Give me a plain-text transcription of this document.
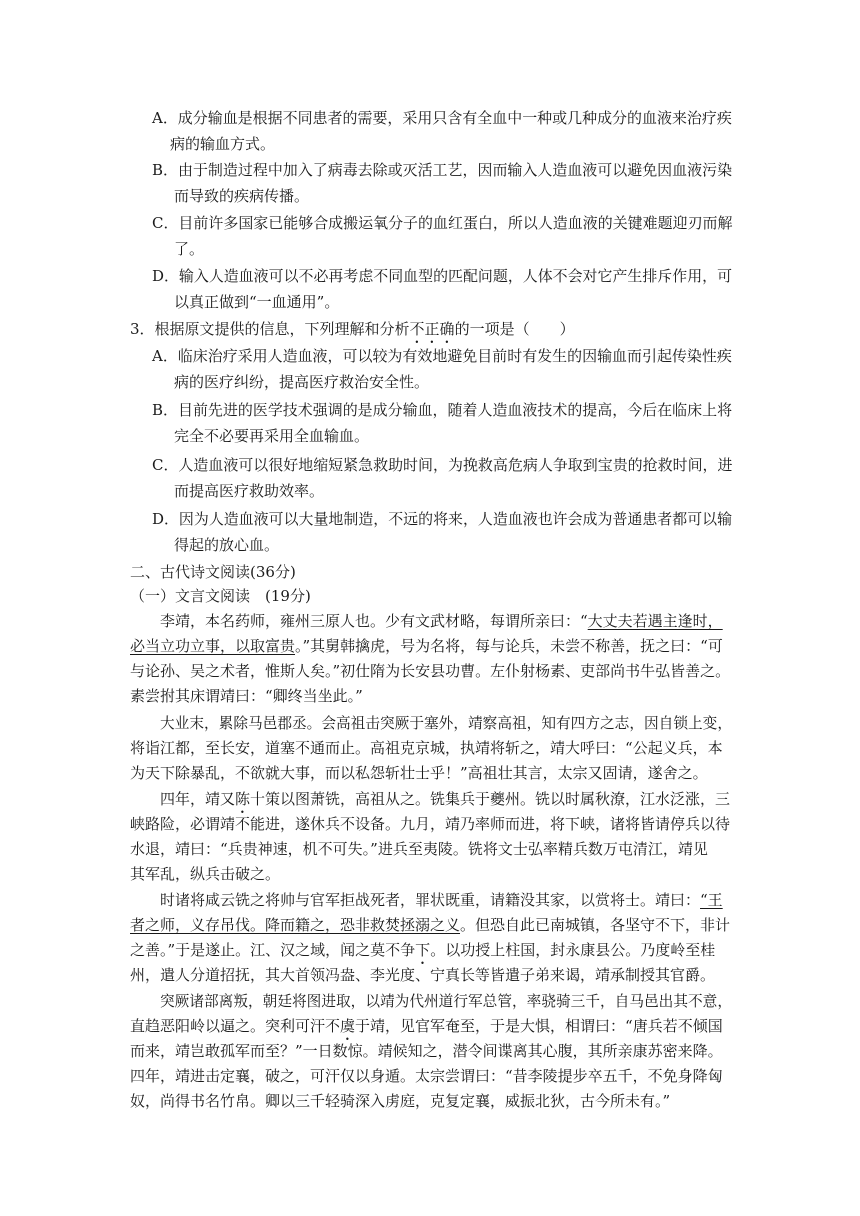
A．成分输血是根据不同患者的需要，采用只含有全血中一种或几种成分的血液来治疗疾
病的输血方式。
B．由于制造过程中加入了病毒去除或灭活工艺，因而输入人造血液可以避免因血液污染
而导致的疾病传播。
C．目前许多国家已能够合成搬运氧分子的血红蛋白，所以人造血液的关键难题迎刃而解
了。
D．输入人造血液可以不必再考虑不同血型的匹配问题，人体不会对它产生排斥作用，可
以真正做到“一血通用”。
3．根据原文提供的信息，下列理解和分析不正确的一项是（　　）
A．临床治疗采用人造血液，可以较为有效地避免目前时有发生的因输血而引起传染性疾
病的医疗纠纷，提高医疗救治安全性。
B．目前先进的医学技术强调的是成分输血，随着人造血液技术的提高，今后在临床上将
完全不必要再采用全血输血。
C．人造血液可以很好地缩短紧急救助时间，为挽救高危病人争取到宝贵的抢救时间，进
而提高医疗救助效率。
D．因为人造血液可以大量地制造，不远的将来，人造血液也许会成为普通患者都可以输
得起的放心血。
二、古代诗文阅读(36分)
（一）文言文阅读　(19分)
李靖，本名药师，雍州三原人也。少有文武材略，每谓所亲曰：“大丈夫若遇主逢时，
必当立功立事，以取富贵。”其舅韩擒虎，号为名将，每与论兵，未尝不称善，抚之曰：“可
与论孙、吴之术者，惟斯人矣。”初仕隋为长安县功曹。左仆射杨素、吏部尚书牛弘皆善之。
素尝拊其床谓靖曰：“卿终当坐此。”
大业末，累除马邑郡丞。会高祖击突厥于塞外，靖察高祖，知有四方之志，因自锁上变，
将诣江都，至长安，道塞不通而止。高祖克京城，执靖将斩之，靖大呼曰：“公起义兵，本
为天下除暴乱，不欲就大事，而以私怨斩壮士乎！”高祖壮其言，太宗又固请，遂舍之。
四年，靖又陈十策以图萧铣，高祖从之。铣集兵于夔州。铣以时属秋潦，江水泛涨，三
峡路险，必谓靖不能进，遂休兵不设备。九月，靖乃率师而进，将下峡，诸将皆请停兵以待
水退，靖曰：“兵贵神速，机不可失。”进兵至夷陵。铣将文士弘率精兵数万屯清江，靖见
其军乱，纵兵击破之。
时诸将咸云铣之将帅与官军拒战死者，罪状既重，请籍没其家，以赏将士。靖曰：“王
者之师，义存吊伐。降而籍之，恐非救焚拯溺之义。但恐自此已南城镇，各坚守不下，非计
之善。”于是遂止。江、汉之域，闻之莫不争下。以功授上柱国，封永康县公。乃度岭至桂
州，遣人分道招抚，其大首领冯盎、李光度、宁真长等皆遣子弟来谒，靖承制授其官爵。
突厥诸部离叛，朝廷将图进取，以靖为代州道行军总管，率骁骑三千，自马邑出其不意，
直趋恶阳岭以逼之。突利可汗不虞于靖，见官军奄至，于是大惧，相谓曰：“唐兵若不倾国
而来，靖岂敢孤军而至？”一日数惊。靖候知之，潜令间谍离其心腹，其所亲康苏密来降。
四年，靖进击定襄，破之，可汗仅以身遁。太宗尝谓曰：“昔李陵提步卒五千，不免身降匈
奴，尚得书名竹帛。卿以三千轻骑深入虏庭，克复定襄，威振北狄，古今所未有。”
